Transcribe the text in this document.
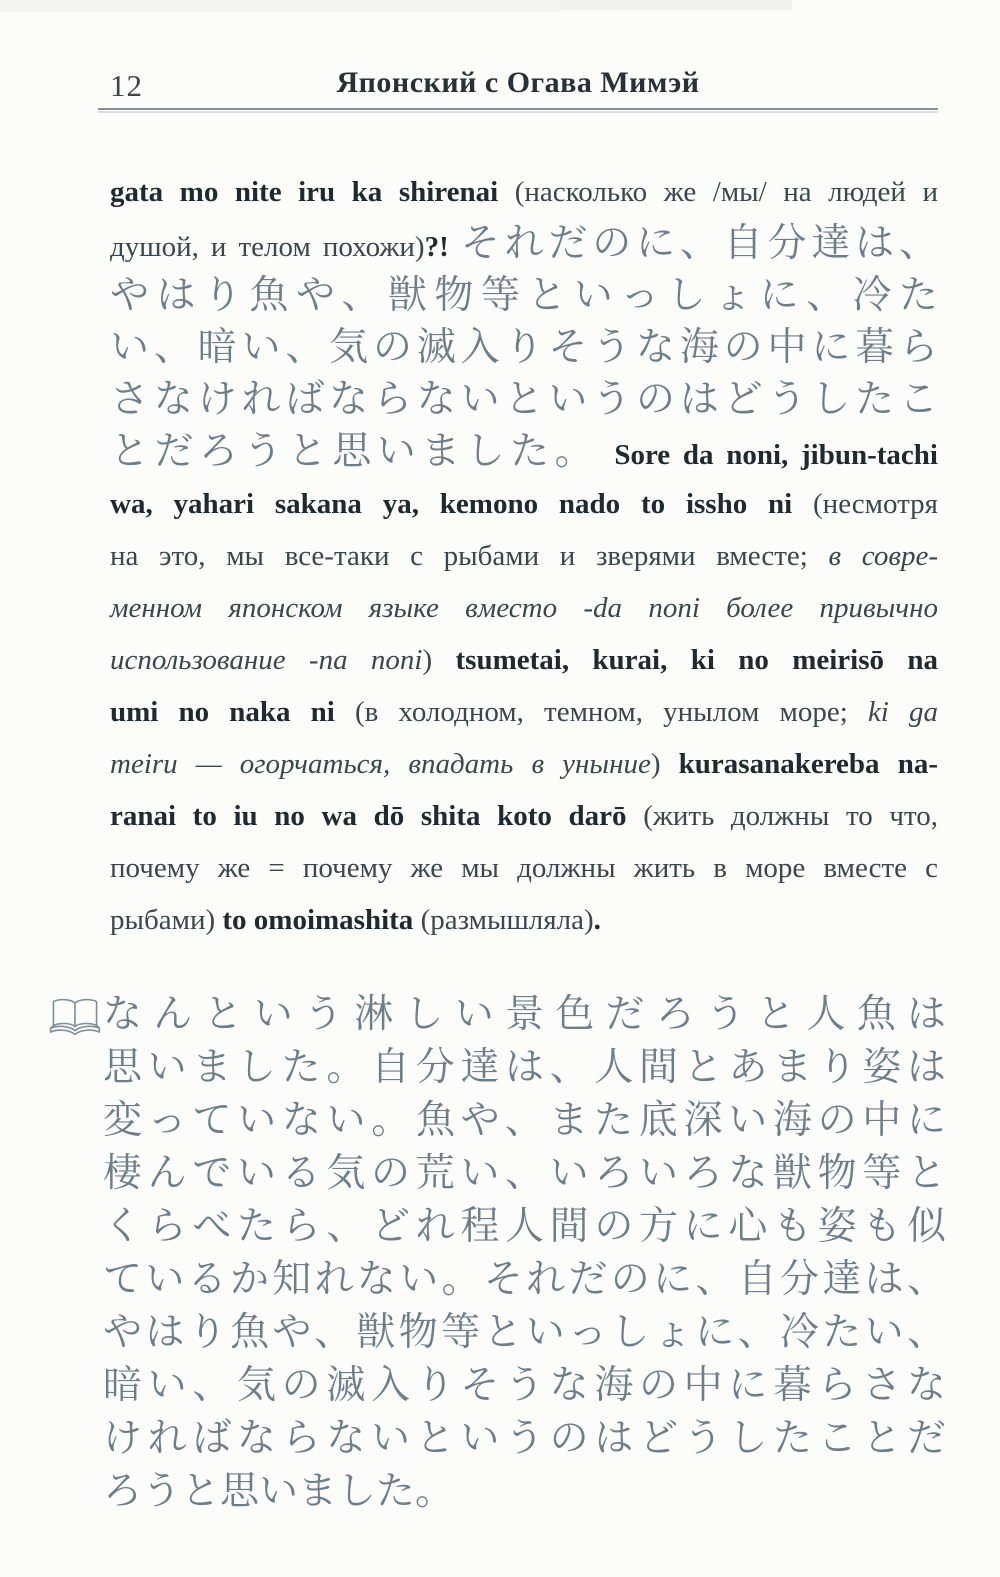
12	Японский с Огава Мимэй
gata mo nite iru ka shirenai (насколько же /мы/ на людей и
душой, и телом похожи)?! それだのに、自分達は、
やはり魚や、獣物等といっしょに、冷た
い、暗い、気の滅入りそうな海の中に暮ら
さなければならないというのはどうしたこ
とだろうと思いました。 Sore da noni, jibun-tachi
wa, yahari sakana ya, kemono nado to issho ni (несмотря
на это, мы все-таки с рыбами и зверями вместе; в совре-
менном японском языке вместо -da noni более привычно
использование -na noni) tsumetai, kurai, ki no meirisō na
umi no naka ni (в холодном, темном, унылом море; ki ga
meiru — огорчаться, впадать в уныние) kurasanakereba na-
ranai to iu no wa dō shita koto darō (жить должны то что,
почему же = почему же мы должны жить в море вместе с
рыбами) to omoimashita (размышляла).
なんという淋しい景色だろうと人魚は
思いました。自分達は、人間とあまり姿は
変っていない。魚や、また底深い海の中に
棲んでいる気の荒い、いろいろな獣物等と
くらべたら、どれ程人間の方に心も姿も似
ているか知れない。それだのに、自分達は、
やはり魚や、獣物等といっしょに、冷たい、
暗い、気の滅入りそうな海の中に暮らさな
ければならないというのはどうしたことだ
ろうと思いました。
